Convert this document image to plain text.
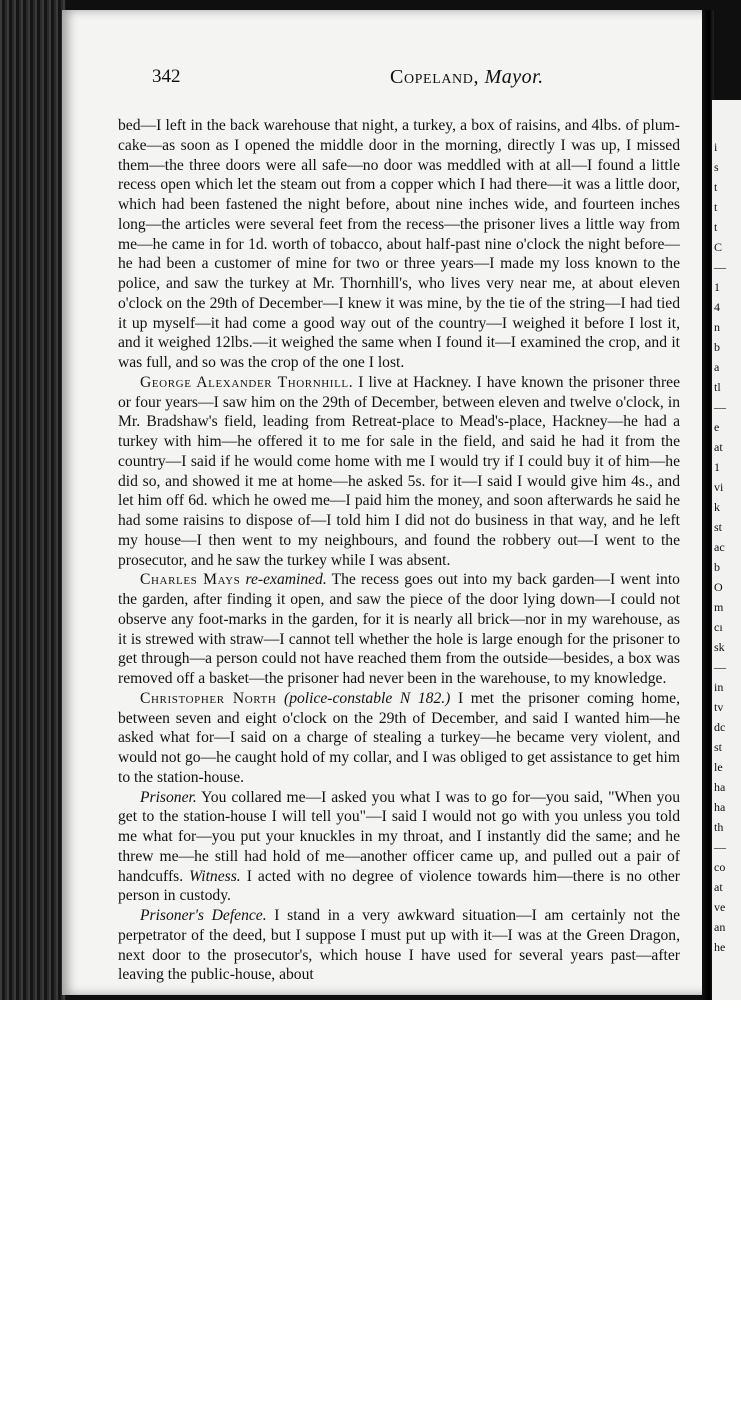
i
s
t
t
t
C
—
1
4
n
b
a
tl
—
e
at
1
vi
k
st
ac
b
O
m
cı
sk
—
in
tv
dc
st
le
ha
ha
th
—
co
at
ve
an
he
342	Copeland, Mayor.

bed—I left in the back warehouse that night, a turkey, a box of raisins, and 4lbs. of plum-cake—as soon as I opened the middle door in the morning, directly I was up, I missed them—the three doors were all safe—no door was meddled with at all—I found a little recess open which let the steam out from a copper which I had there—it was a little door, which had been fastened the night before, about nine inches wide, and fourteen inches long—the articles were several feet from the recess—the prisoner lives a little way from me—he came in for 1d. worth of tobacco, about half-past nine o'clock the night before—he had been a customer of mine for two or three years—I made my loss known to the police, and saw the turkey at Mr. Thornhill's, who lives very near me, at about eleven o'clock on the 29th of December—I knew it was mine, by the tie of the string—I had tied it up myself—it had come a good way out of the country—I weighed it before I lost it, and it weighed 12lbs.—it weighed the same when I found it—I examined the crop, and it was full, and so was the crop of the one I lost.

George Alexander Thornhill. I live at Hackney. I have known the prisoner three or four years—I saw him on the 29th of December, between eleven and twelve o'clock, in Mr. Bradshaw's field, leading from Retreat-place to Mead's-place, Hackney—he had a turkey with him—he offered it to me for sale in the field, and said he had it from the country—I said if he would come home with me I would try if I could buy it of him—he did so, and showed it me at home—he asked 5s. for it—I said I would give him 4s., and let him off 6d. which he owed me—I paid him the money, and soon afterwards he said he had some raisins to dispose of—I told him I did not do business in that way, and he left my house—I then went to my neighbours, and found the robbery out—I went to the prosecutor, and he saw the turkey while I was absent.

Charles Mays re-examined. The recess goes out into my back garden—I went into the garden, after finding it open, and saw the piece of the door lying down—I could not observe any foot-marks in the garden, for it is nearly all brick—nor in my warehouse, as it is strewed with straw—I cannot tell whether the hole is large enough for the prisoner to get through—a person could not have reached them from the outside—besides, a box was removed off a basket—the prisoner had never been in the warehouse, to my knowledge.

Christopher North (police-constable N 182.) I met the prisoner coming home, between seven and eight o'clock on the 29th of December, and said I wanted him—he asked what for—I said on a charge of stealing a turkey—he became very violent, and would not go—he caught hold of my collar, and I was obliged to get assistance to get him to the station-house.

Prisoner. You collared me—I asked you what I was to go for—you said, "When you get to the station-house I will tell you"—I said I would not go with you unless you told me what for—you put your knuckles in my throat, and I instantly did the same; and he threw me—he still had hold of me—another officer came up, and pulled out a pair of handcuffs. Witness. I acted with no degree of violence towards him—there is no other person in custody.

Prisoner's Defence. I stand in a very awkward situation—I am certainly not the perpetrator of the deed, but I suppose I must put up with it—I was at the Green Dragon, next door to the prosecutor's, which house I have used for several years past—after leaving the public-house, about
